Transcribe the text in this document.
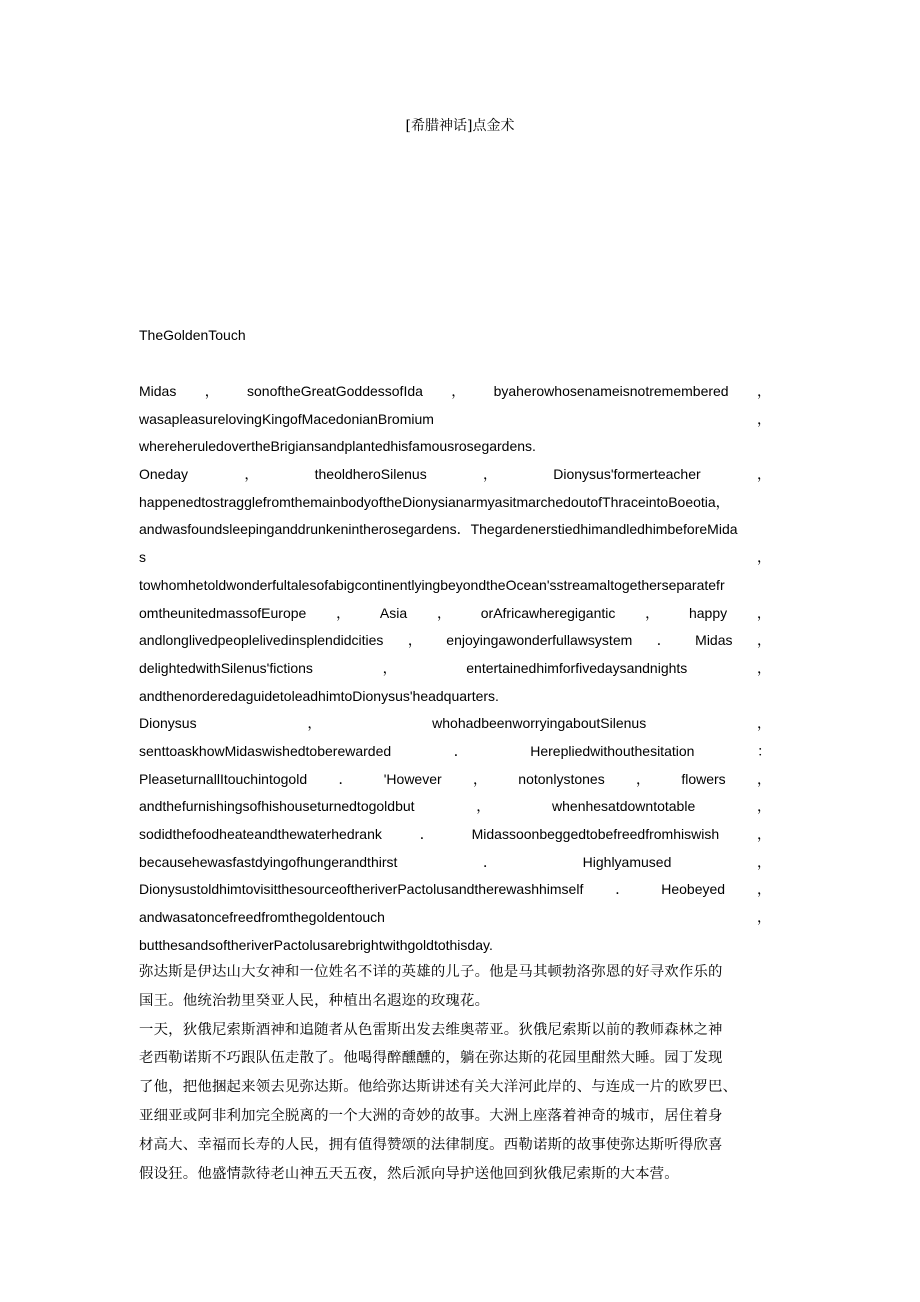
[希腊神话]点金术
TheGoldenTouch
Midas ， sonoftheGreatGoddessofIda ， byaherowhosenameisnotremembered ，
wasapleasurelovingKingofMacedonianBromium	，
whereheruledovertheBrigiansandplantedhisfamousrosegardens.
Oneday	，	theoldheroSilenus	，	Dionysus'formerteacher	，
happenedtostragglefromthemainbodyoftheDionysianarmyasitmarchedoutofThraceintoBoeotia，
andwasfoundsleepinganddrunkenintherosegardens．ThegardenerstiedhimandledhimbeforeMida
s	，
towhomhetoldwonderfultalesofabigcontinentlyingbeyondtheOcean'sstreamaltogetherseparatefr
omtheunitedmassofEurope ， Asia ， orAfricawheregigantic ， happy ，
andlonglivedpeoplelivedinsplendidcities ， enjoyingawonderfullawsystem ． Midas ，
delightedwithSilenus'fictions	，	entertainedhimforfivedaysandnights	，
andthenorderedaguidetoleadhimtoDionysus'headquarters.
Dionysus	，	whohadbeenworryingaboutSilenus	，
senttoaskhowMidaswishedtoberewarded	．	Herepliedwithouthesitation	：
PleaseturnallItouchintogold ． 'However ， notonlystones ， flowers ，
andthefurnishingsofhishouseturnedtogoldbut	，	whenhesatdowntotable	，
sodidthefoodheateandthewaterhedrank	．	Midassoonbeggedtobefreedfromhiswish	，
becausehewasfastdyingofhungerandthirst	．	Highlyamused	，
DionysustoldhimtovisitthesourceoftheriverPactolusandtherewashhimself ． Heobeyed ，
andwasatoncefreedfromthegoldentouch	，
butthesandsoftheriverPactolusarebrightwithgoldtothisday.
弥达斯是伊达山大女神和一位姓名不详的英雄的儿子。他是马其顿勃洛弥恩的好寻欢作乐的
国王。他统治勃里癸亚人民，种植出名遐迩的玫瑰花。
一天，狄俄尼索斯酒神和追随者从色雷斯出发去维奥蒂亚。狄俄尼索斯以前的教师森林之神
老西勒诺斯不巧跟队伍走散了。他喝得醉醺醺的，躺在弥达斯的花园里酣然大睡。园丁发现
了他，把他捆起来领去见弥达斯。他给弥达斯讲述有关大洋河此岸的、与连成一片的欧罗巴、
亚细亚或阿非利加完全脱离的一个大洲的奇妙的故事。大洲上座落着神奇的城市，居住着身
材高大、幸福而长寿的人民，拥有值得赞颂的法律制度。西勒诺斯的故事使弥达斯听得欣喜
假设狂。他盛情款待老山神五天五夜，然后派向导护送他回到狄俄尼索斯的大本营。
